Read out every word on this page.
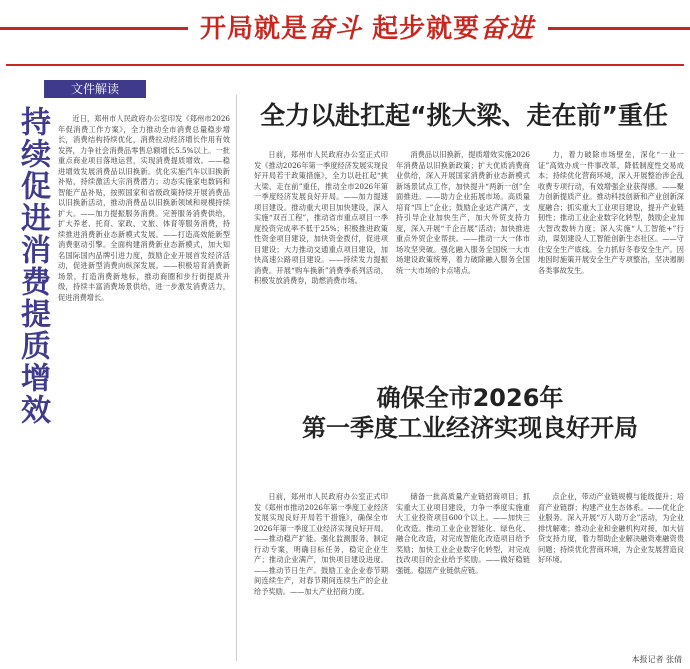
开局就是奋斗 起步就要奋进
文件解读
持续促进消费提质增效	近日，郑州市人民政府办公室印发《郑州市2026年促消费工作方案》，全力推动全市消费总量稳步增长，消费结构持续优化，消费拉动经济增长作用有效发挥，力争社会消费品零售总额增长5.5%以上。一批重点商业项目落地运营，实现消费提质增效。——稳进增效发展消费品以旧换新。优化实施汽车以旧换新补贴，持续激活大宗消费潜力；动态实施家电数码和智能产品补贴，按照国家和省级政策持续开展消费品以旧换新活动，推动消费品以旧换新领域和规模持续扩大。——加力提振服务消费。完善服务消费供给，扩大养老、托育、家政、文旅、体育等服务消费，持续推进消费新业态新模式发展。——打造高效能新型消费驱动引擎。全面构建消费新业态新模式，加大知名国际国内品牌引进力度，鼓励企业开展首发经济活动，促进新型消费向纵深发展。——积极培育消费新场景，打造消费新地标，推动商圈和步行街提质升级，持续丰富消费场景供给，进一步激发消费活力，促进消费增长。

全力以赴扛起“挑大梁、走在前”重任

日前，郑州市人民政府办公室正式印发《推动2026年第一季度经济发展实现良好开局若干政策措施》，全力以赴扛起“挑大梁、走在前”重任，推动全市2026年第一季度经济发展良好开局。——加力提速项目建设。推动重大项目加快建设，深入实施“双百工程”，推动省市重点项目一季度投资完成率不低于25%；积极推进政策性资金项目建设，加快资金拨付，促进项目建设；大力推动交通重点项目建设，加快高速公路项目建设。——持续发力提振消费。开展“购车换新”消费季系列活动，积极发放消费券，助燃消费市场。

消费品以旧换新，提质增效实施2026年消费品以旧换新政策；扩大优质消费商业供给，深入开展国家消费新业态新模式新场景试点工作，加快提升“两新一创”全面推进。——助力企业拓展市场。高质量培育“四上”企业；鼓励企业达产满产，支持引导企业加快生产，加大外贸支持力度，深入开展“千企百展”活动；加快推进重点外贸企业帮扶。——推动一大一体市场攻坚突破。强化融入服务全国统一大市场建设政策统筹，着力破除融入服务全国统一大市场的卡点堵点。

力，着力破除市场壁垒，深化“一业一证”高效办成一件事改革，降低制度性交易成本；持续优化营商环境，深入开展整治涉企乱收费专项行动，有效增强企业获得感。——聚力创新提质产业。推动科技创新和产业创新深度融合；抓实重大工业项目建设，提升产业链韧性；推动工业企业数字化转型，鼓励企业加大智改数转力度；深入实施“人工智能+”行动，谋划建设人工智能创新生态社区。——守住安全生产底线。全力抓好冬春安全生产。因地因时施策开展安全生产专项整治，坚决遏制各类事故发生。

确保全市2026年
第一季度工业经济实现良好开局

日前，郑州市人民政府办公室正式印发《郑州市推动2026年第一季度工业经济发展实现良好开局若干措施》，确保全市2026年第一季度工业经济实现良好开局。——推动稳产扩能。强化监测服务，制定行动专案，明确目标任务，稳定企业生产；推动企业满产，加快项目建设进度。——推动节日生产。鼓励工业企业春节期间连续生产，对春节期间连续生产的企业给予奖励。——加大产业招商力度。

储备一批高质量产业链招商项目；抓实重大工业项目建设，力争一季度实施重大工业投资项目600个以上。——加快三化改造。推动工业企业智能化、绿色化、融合化改造，对完成智能化改造项目给予奖励；加快工业企业数字化转型，对完成技改项目的企业给予奖励。——做好稳链强链。稳固产业链供应链。

点企业，带动产业链规模与能级提升；培育产业链群；构建产业生态体系。——优化企业服务。深入开展“万人助万企”活动，为企业排忧解难；推动企业和金融机构对接，加大信贷支持力度，着力帮助企业解决融资难融资贵问题；持续优化营商环境，为企业发展营造良好环境。

本报记者 张倩
